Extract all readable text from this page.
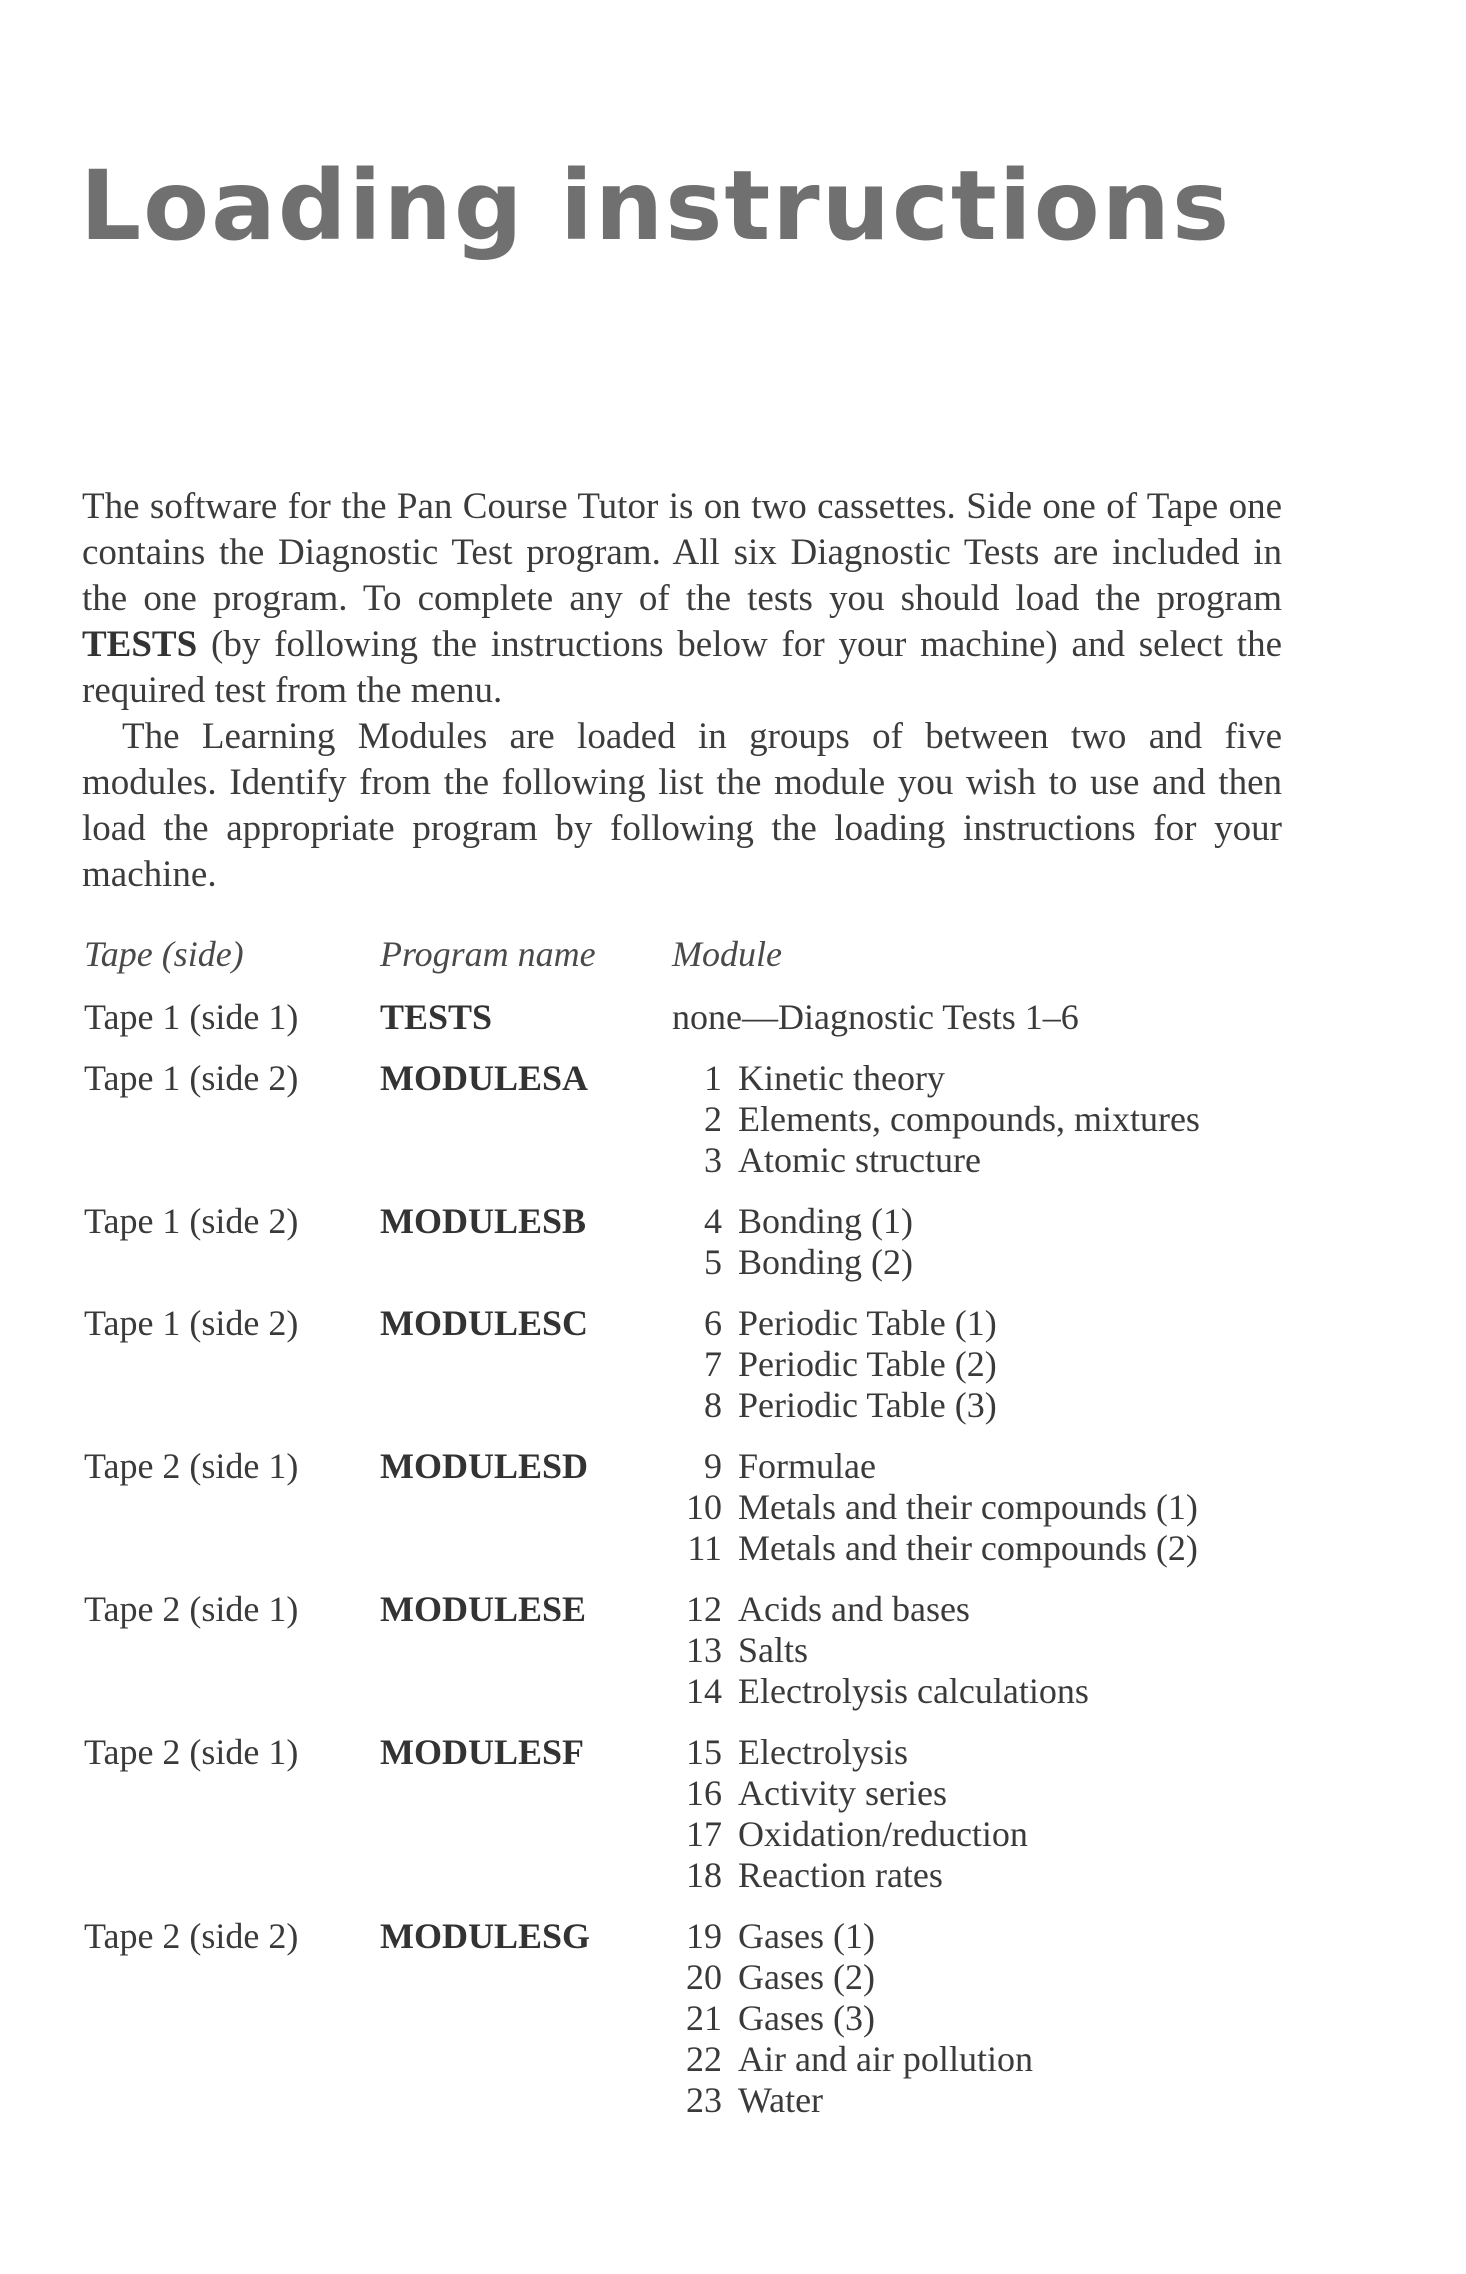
Loading instructions

The software for the Pan Course Tutor is on two cassettes. Side one of Tape one contains the Diagnostic Test program. All six Diagnostic Tests are included in the one program. To complete any of the tests you should load the program TESTS (by following the instructions below for your machine) and select the required test from the menu.

The Learning Modules are loaded in groups of between two and five modules. Identify from the following list the module you wish to use and then load the appropriate program by following the loading instructions for your machine.

Tape (side)	Program name	Module
Tape 1 (side 1)	TESTS	none—Diagnostic Tests 1–6
Tape 1 (side 2)	MODULESA	1 Kinetic theory
2 Elements, compounds, mixtures
3 Atomic structure
Tape 1 (side 2)	MODULESB	4 Bonding (1)
5 Bonding (2)
Tape 1 (side 2)	MODULESC	6 Periodic Table (1)
7 Periodic Table (2)
8 Periodic Table (3)
Tape 2 (side 1)	MODULESD	9 Formulae
10 Metals and their compounds (1)
11 Metals and their compounds (2)
Tape 2 (side 1)	MODULESE	12 Acids and bases
13 Salts
14 Electrolysis calculations
Tape 2 (side 1)	MODULESF	15 Electrolysis
16 Activity series
17 Oxidation/reduction
18 Reaction rates
Tape 2 (side 2)	MODULESG	19 Gases (1)
20 Gases (2)
21 Gases (3)
22 Air and air pollution
23 Water
